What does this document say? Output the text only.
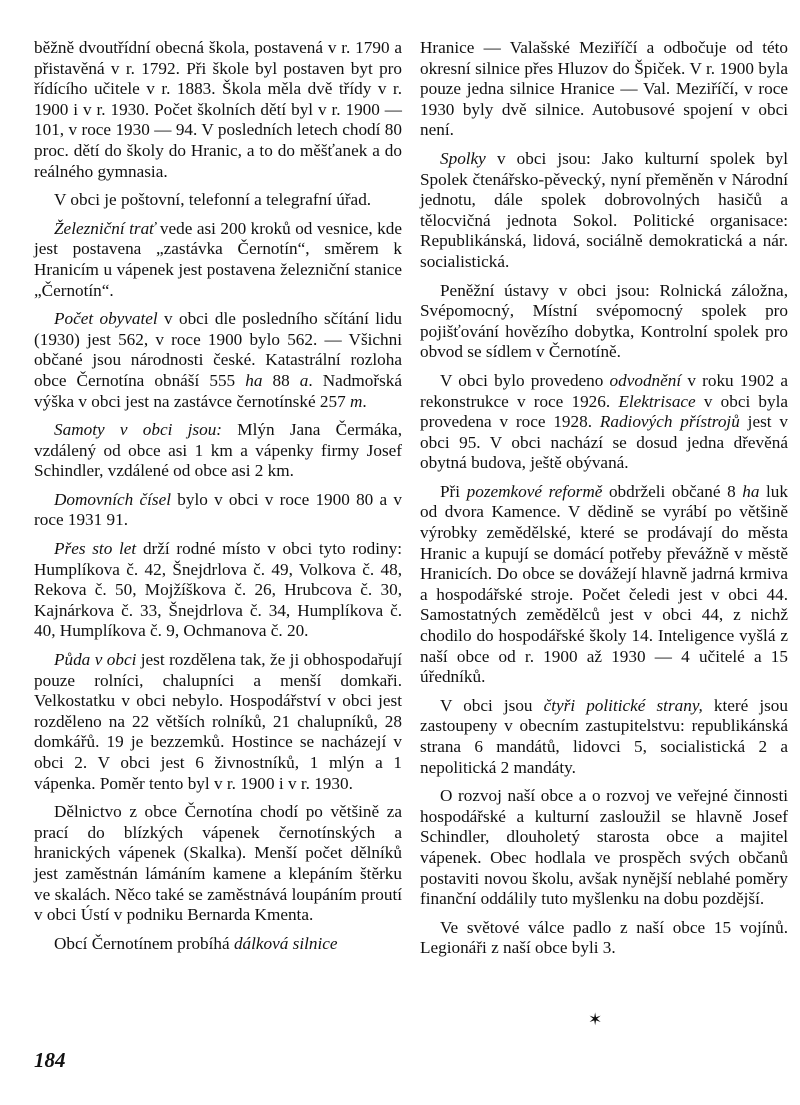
běžně dvoutřídní obecná škola, postavená v r. 1790 a přistavěná v r. 1792. Při škole byl postaven byt pro řídícího učitele v r. 1883. Škola měla dvě třídy v r. 1900 i v r. 1930. Počet školních dětí byl v r. 1900 — 101, v roce 1930 — 94. V posledních letech chodí 80 proc. dětí do školy do Hranic, a to do měšťanek a do reálného gymnasia.

V obci je poštovní, telefonní a telegrafní úřad.

Železniční trať vede asi 200 kroků od vesnice, kde jest postavena „zastávka Černotín“, směrem k Hranicím u vápenek jest postavena železniční stanice „Černotín“.

Počet obyvatel v obci dle posledního sčítání lidu (1930) jest 562, v roce 1900 bylo 562. — Všichni občané jsou národnosti české. Katastrální rozloha obce Černotína obnáší 555 ha 88 a. Nadmořská výška v obci jest na zastávce černotínské 257 m.

Samoty v obci jsou: Mlýn Jana Čermáka, vzdálený od obce asi 1 km a vápenky firmy Josef Schindler, vzdálené od obce asi 2 km.

Domovních čísel bylo v obci v roce 1900 80 a v roce 1931 91.

Přes sto let drží rodné místo v obci tyto rodiny: Humplíkova č. 42, Šnejdrlova č. 49, Volkova č. 48, Rekova č. 50, Mojžíškova č. 26, Hrubcova č. 30, Kajnárkova č. 33, Šnejdrlova č. 34, Humplíkova č. 40, Humplíkova č. 9, Ochmanova č. 20.

Půda v obci jest rozdělena tak, že ji obhospodařují pouze rolníci, chalupníci a menší domkaři. Velkostatku v obci nebylo. Hospodářství v obci jest rozděleno na 22 větších rolníků, 21 chalupníků, 28 domkářů. 19 je bezzemků. Hostince se nacházejí v obci 2. V obci jest 6 živnostníků, 1 mlýn a 1 vápenka. Poměr tento byl v r. 1900 i v r. 1930.

Dělnictvo z obce Černotína chodí po většině za prací do blízkých vápenek černotínských a hranických vápenek (Skalka). Menší počet dělníků jest zaměstnán lámáním kamene a klepáním štěrku ve skalách. Něco také se zaměstnává loupáním proutí v obci Ústí v podniku Bernarda Kmenta.

Obcí Černotínem probíhá dálková silnice

Hranice — Valašské Meziříčí a odbočuje od této okresní silnice přes Hluzov do Špiček. V r. 1900 byla pouze jedna silnice Hranice — Val. Meziříčí, v roce 1930 byly dvě silnice. Autobusové spojení v obci není.

Spolky v obci jsou: Jako kulturní spolek byl Spolek čtenářsko-pěvecký, nyní přeměněn v Národní jednotu, dále spolek dobrovolných hasičů a tělocvičná jednota Sokol. Politické organisace: Republikánská, lidová, sociálně demokratická a nár. socialistická.

Peněžní ústavy v obci jsou: Rolnická záložna, Svépomocný, Místní svépomocný spolek pro pojišťování hovězího dobytka, Kontrolní spolek pro obvod se sídlem v Černotíně.

V obci bylo provedeno odvodnění v roku 1902 a rekonstrukce v roce 1926. Elektrisace v obci byla provedena v roce 1928. Radiových přístrojů jest v obci 95. V obci nachází se dosud jedna dřevěná obytná budova, ještě obývaná.

Při pozemkové reformě obdrželi občané 8 ha luk od dvora Kamence. V dědině se vyrábí po většině výrobky zemědělské, které se prodávají do města Hranic a kupují se domácí potřeby převážně v městě Hranicích. Do obce se dovážejí hlavně jadrná krmiva a hospodářské stroje. Počet čeledi jest v obci 44. Samostatných zemědělců jest v obci 44, z nichž chodilo do hospodářské školy 14. Inteligence vyšlá z naší obce od r. 1900 až 1930 — 4 učitelé a 15 úředníků.

V obci jsou čtyři politické strany, které jsou zastoupeny v obecním zastupitelstvu: republikánská strana 6 mandátů, lidovci 5, socialistická 2 a nepolitická 2 mandáty.

O rozvoj naší obce a o rozvoj ve veřejné činnosti hospodářské a kulturní zasloužil se hlavně Josef Schindler, dlouholetý starosta obce a majitel vápenek. Obec hodlala ve prospěch svých občanů postaviti novou školu, avšak nynější neblahé poměry finanční oddálily tuto myšlenku na dobu pozdější.

Ve světové válce padlo z naší obce 15 vojínů. Legionáři z naší obce byli 3.

✶
184
